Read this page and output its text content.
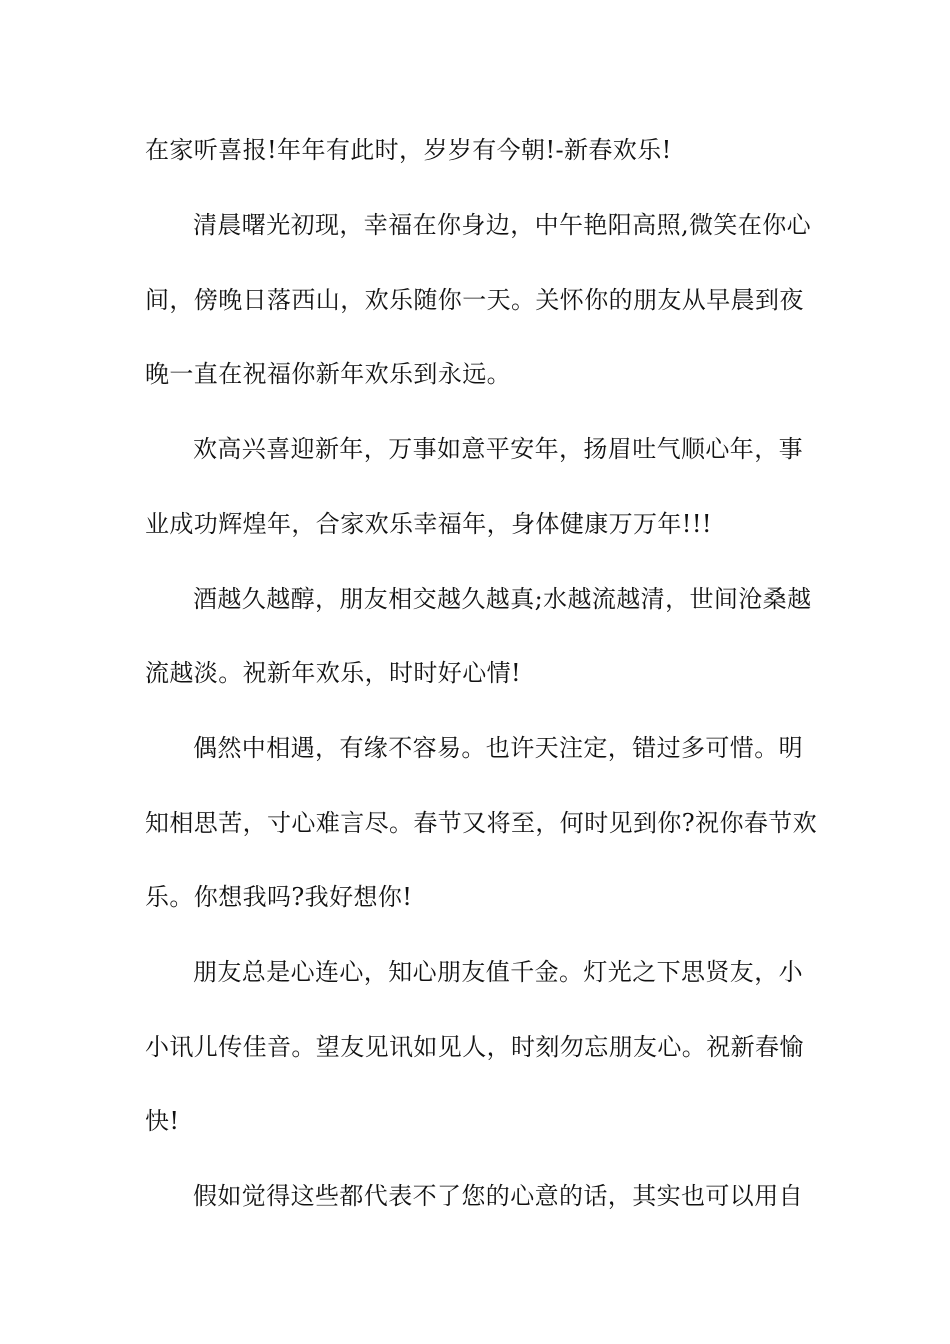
在家听喜报!年年有此时，岁岁有今朝!-新春欢乐!
清晨曙光初现，幸福在你身边，中午艳阳高照,微笑在你心
间，傍晚日落西山，欢乐随你一天。关怀你的朋友从早晨到夜
晚一直在祝福你新年欢乐到永远。
欢高兴喜迎新年，万事如意平安年，扬眉吐气顺心年，事
业成功辉煌年，合家欢乐幸福年，身体健康万万年!!!
酒越久越醇，朋友相交越久越真;水越流越清，世间沧桑越
流越淡。祝新年欢乐，时时好心情!
偶然中相遇，有缘不容易。也许天注定，错过多可惜。明
知相思苦，寸心难言尽。春节又将至，何时见到你?祝你春节欢
乐。你想我吗?我好想你!
朋友总是心连心，知心朋友值千金。灯光之下思贤友，小
小讯儿传佳音。望友见讯如见人，时刻勿忘朋友心。祝新春愉
快!
假如觉得这些都代表不了您的心意的话，其实也可以用自
